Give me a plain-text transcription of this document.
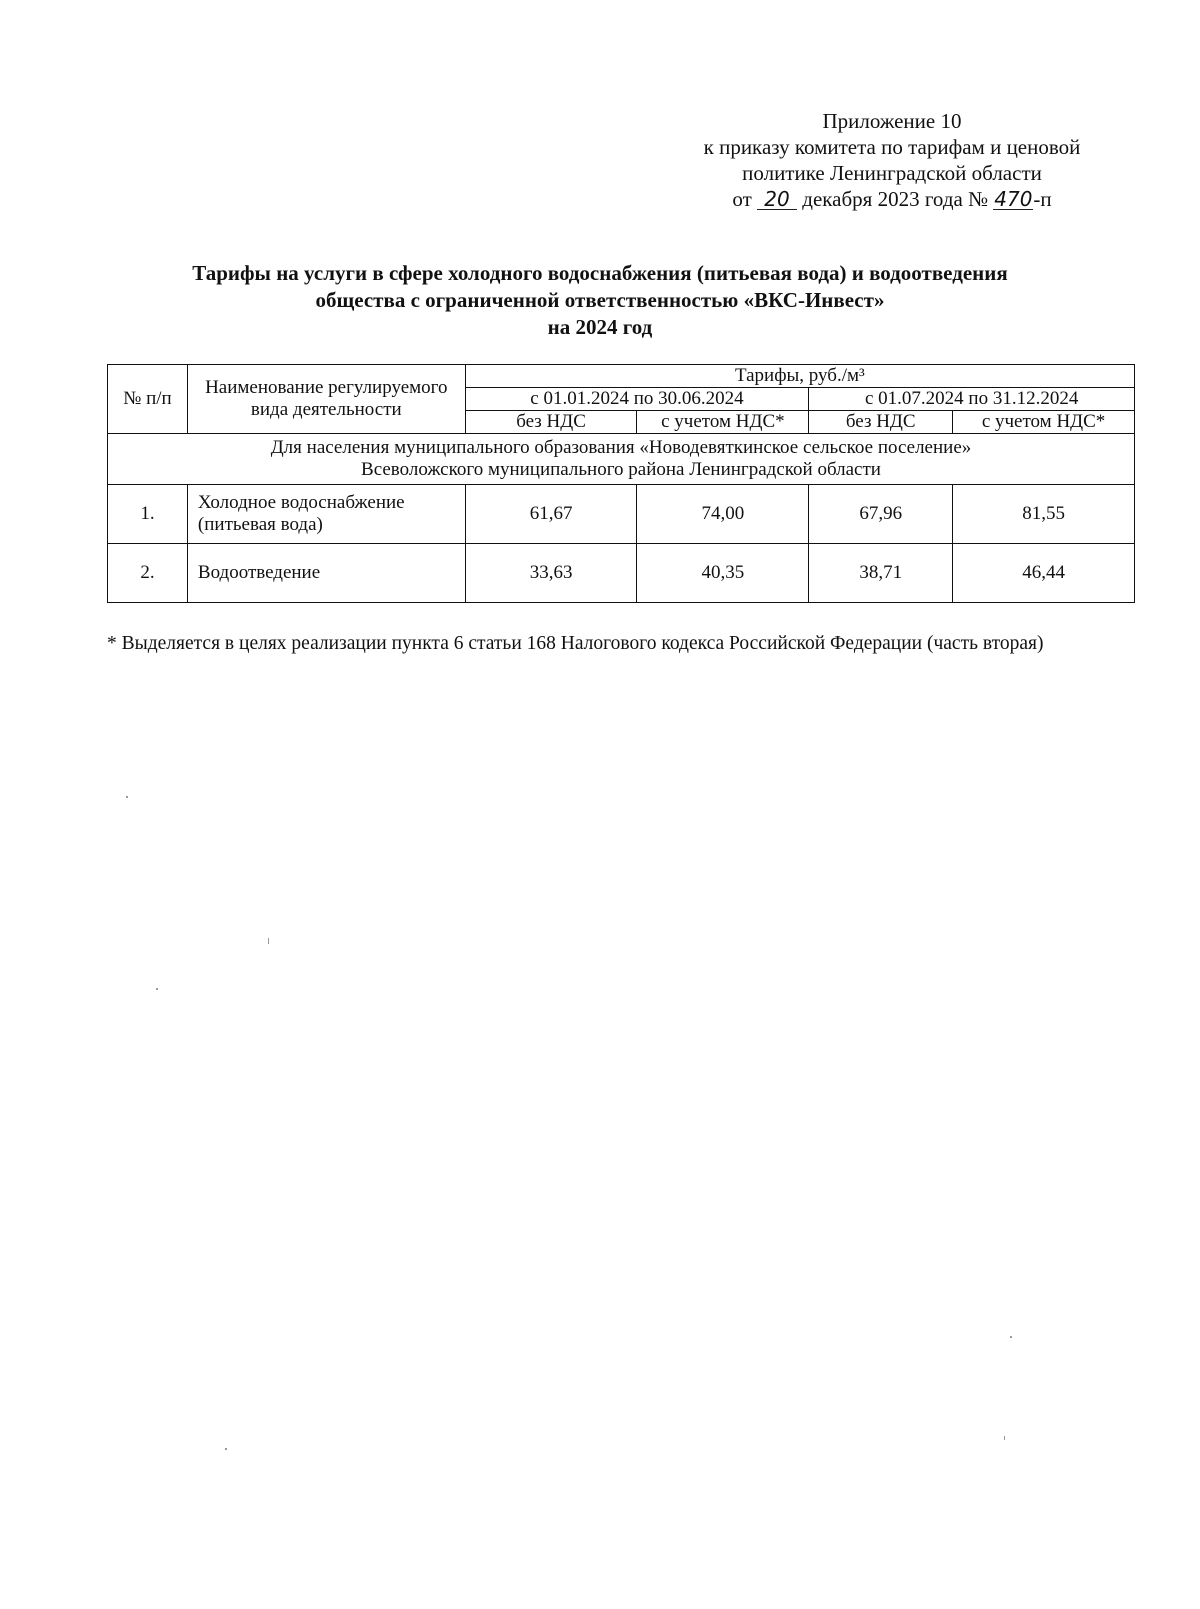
Приложение 10
к приказу комитета по тарифам и ценовой
политике Ленинградской области
от 20 декабря 2023 года № 470-п
Тарифы на услуги в сфере холодного водоснабжения (питьевая вода) и водоотведения
общества с ограниченной ответственностью «ВКС-Инвест»
на 2024 год
№ п/п	Наименование регулируемого вида деятельности	Тарифы, руб./м³			
		с 01.01.2024 по 30.06.2024		с 01.07.2024 по 31.12.2024	
		без НДС	с учетом НДС*	без НДС	с учетом НДС*

Для населения муниципального образования «Новодевяткинское сельское поселение»
Всеволожского муниципального района Ленинградской области					

1.	Холодное водоснабжение (питьевая вода)	61,67	74,00	67,96	81,55
2.	Водоотведение	33,63	40,35	38,71	46,44
* Выделяется в целях реализации пункта 6 статьи 168 Налогового кодекса Российской Федерации (часть вторая)
